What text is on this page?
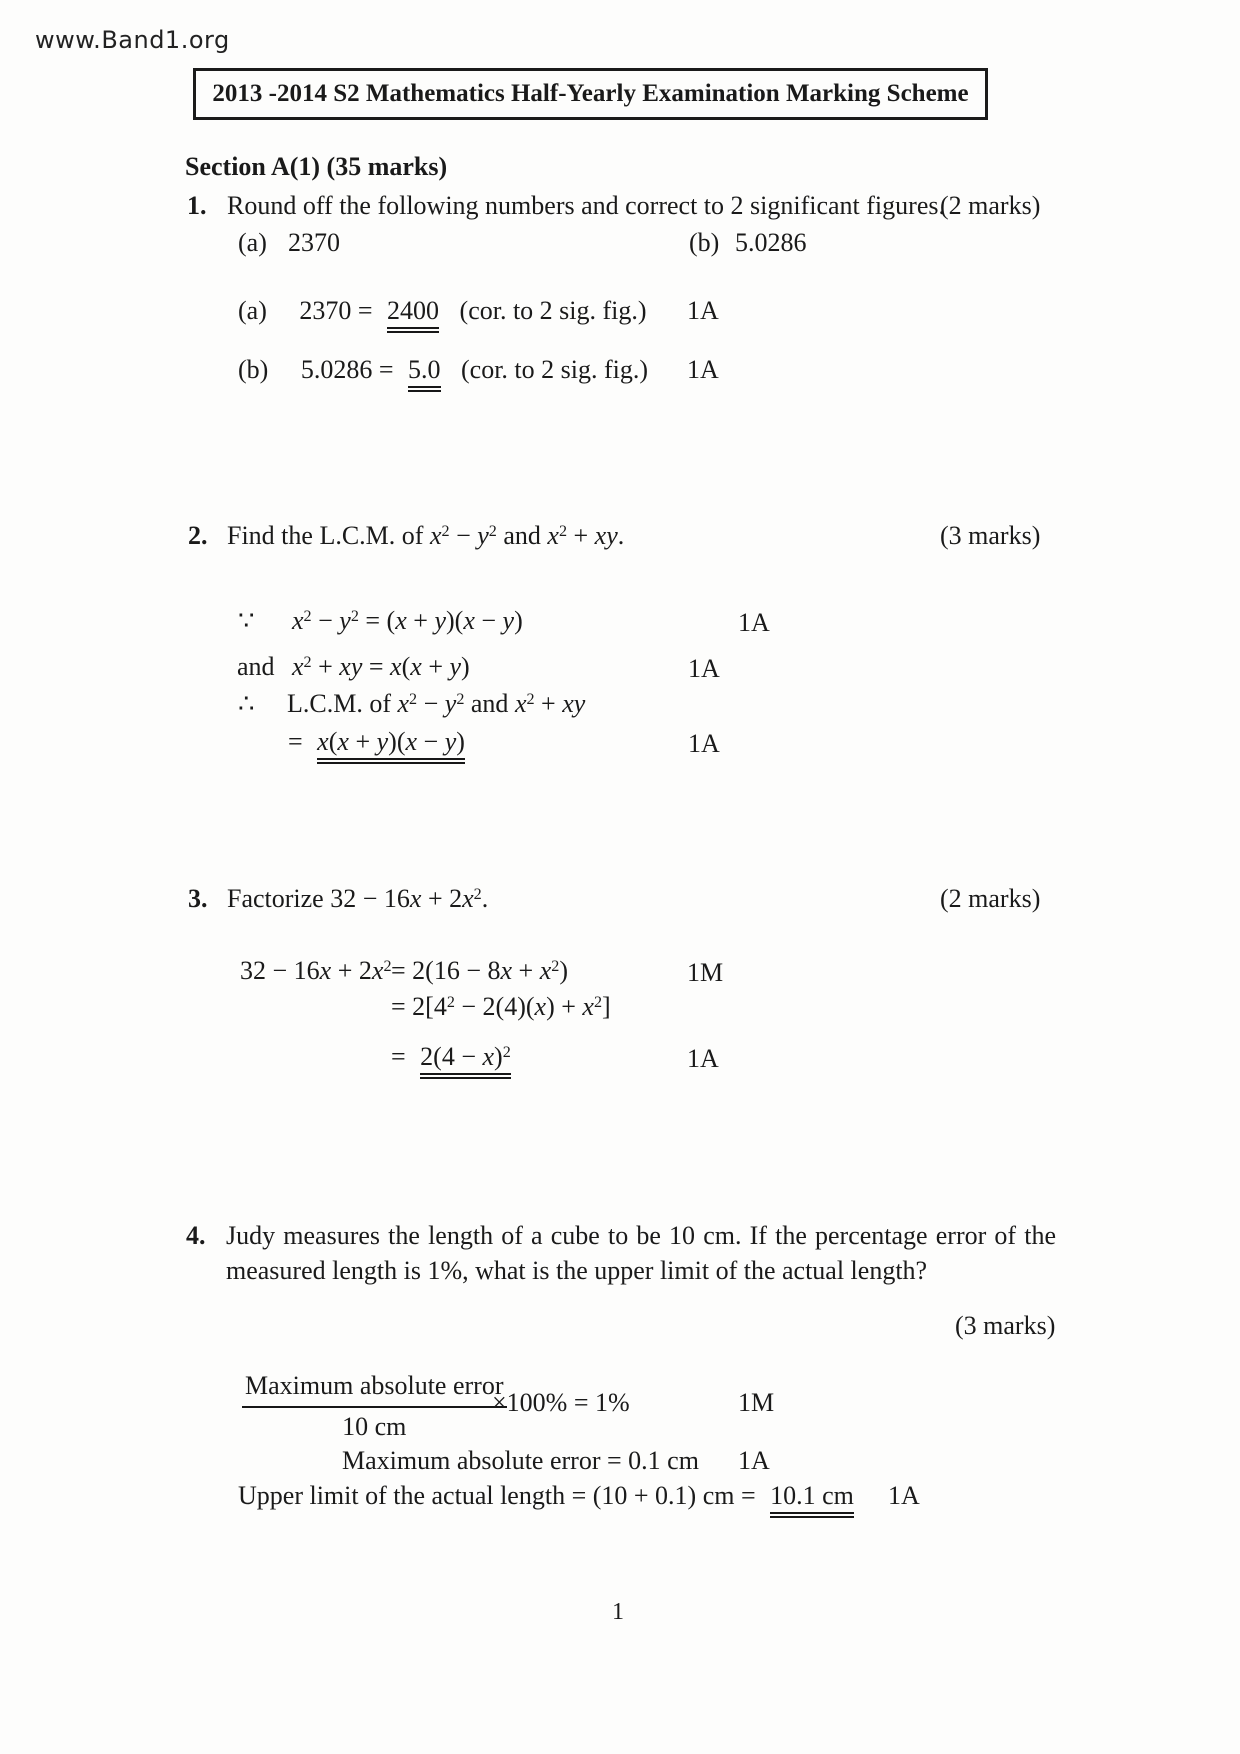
www.Band1.org
2013 -2014 S2 Mathematics Half-Yearly Examination Marking Scheme
Section A(1) (35 marks)
1. Round off the following numbers and correct to 2 significant figures.
(2 marks)
(a) 2370	(b) 5.0286
(a) 2370 = 2400 (cor. to 2 sig. fig.) 1A
(b) 5.0286 = 5.0 (cor. to 2 sig. fig.) 1A
2. Find the L.C.M. of $x^2 - y^2$ and $x^2$ + xy.	(3 marks)
∵ $x^2 - y^2 = (x + y)(x - y)$	1A
and $x^2$ + xy = x(x + y)	1A
∴ L.C.M. of $x^2 - y^2$ and $x^2$ + xy
= x(x + y)(x − y)	1A
3. Factorize $32 - 16x + 2x^2$.	(2 marks)
$32 - 16x + 2x^2 = 2(16 - 8x + x^2)$	1M
= $2[4^2 - 2(4)(x) + x^2]$
= $2(4 - x)^2$	1A
4. Judy measures the length of a cube to be 10 cm. If the percentage error of the
measured length is 1%, what is the upper limit of the actual length?
(3 marks)
Maximum absolute error
10 cm
×100% = 1%	1M
Maximum absolute error = 0.1 cm 1A
Upper limit of the actual length = (10 + 0.1) cm = 10.1 cm 1A
1
